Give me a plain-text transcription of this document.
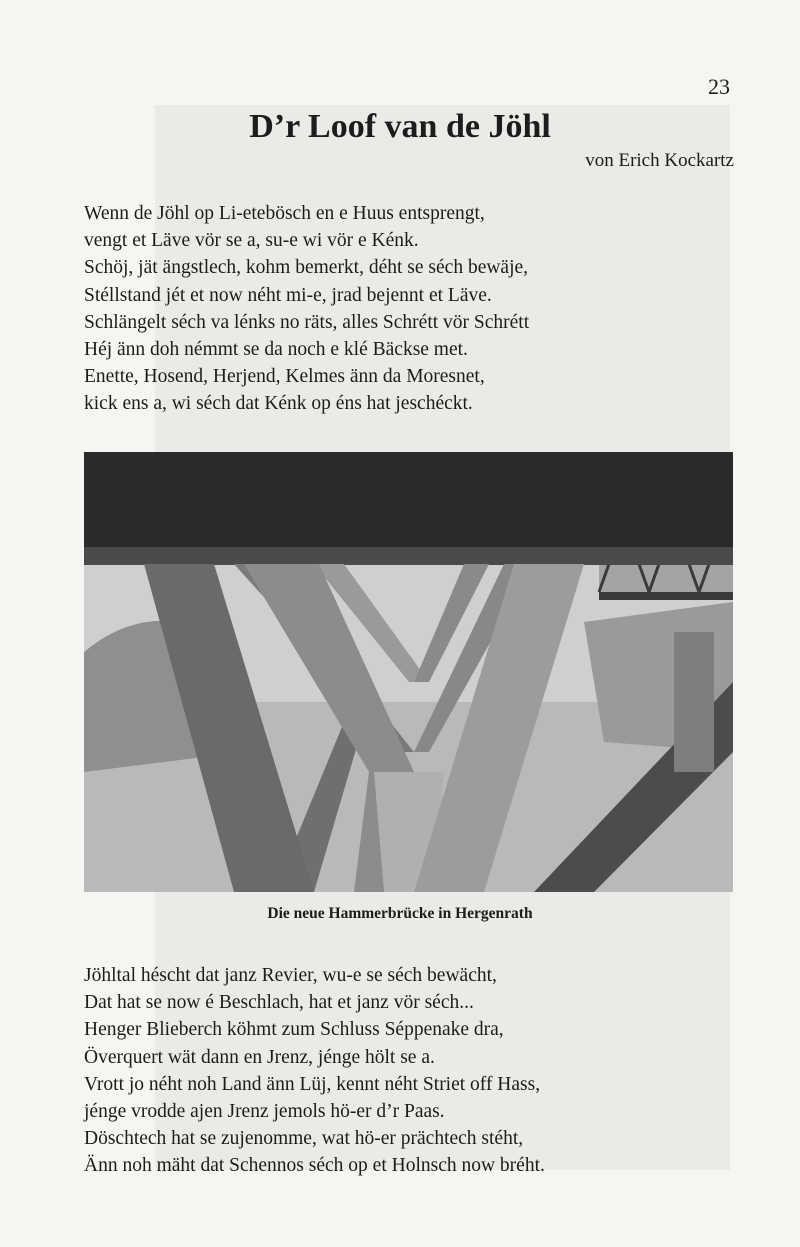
23
D’r Loof van de Jöhl
von Erich Kockartz
Wenn de Jöhl op Li-etebösch en e Huus entsprengt,
vengt et Läve vör se a, su-e wi vör e Kénk.
Schöj, jät ängstlech, kohm bemerkt, déht se séch bewäje,
Stéllstand jét et now néht mi-e, jrad bejennt et Läve.
Schlängelt séch va lénks no räts, alles Schrétt vör Schrétt
Héj änn doh némmt se da noch e klé Bäckse met.
Enette, Hosend, Herjend, Kelmes änn da Moresnet,
kick ens a, wi séch dat Kénk op éns hat jeschéckt.
Die neue Hammerbrücke in Hergenrath
Jöhltal héscht dat janz Revier, wu-e se séch bewächt,
Dat hat se now é Beschlach, hat et janz vör séch...
Henger Blieberch köhmt zum Schluss Séppenake dra,
Överquert wät dann en Jrenz, jénge hölt se a.
Vrott jo néht noh Land änn Lüj, kennt néht Striet off Hass,
jénge vrodde ajen Jrenz jemols hö-er d’r Paas.
Döschtech hat se zujenomme, wat hö-er prächtech stéht,
Änn noh mäht dat Schennos séch op et Holnsch now bréht.
